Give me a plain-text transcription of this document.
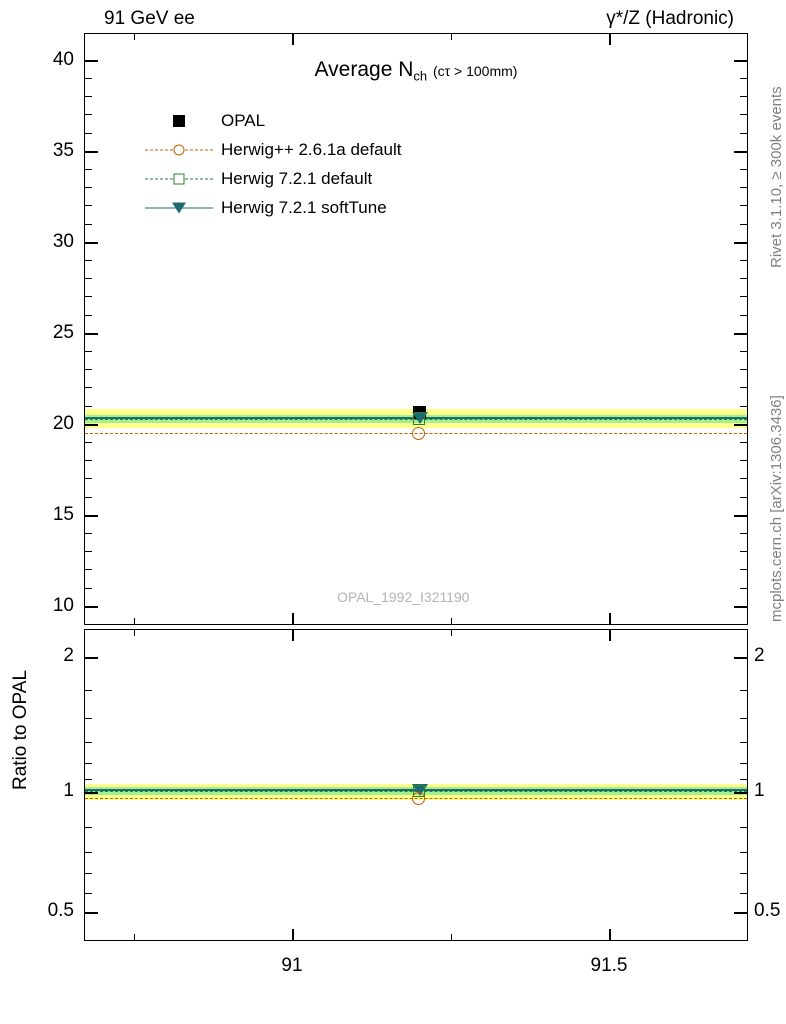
91 GeV ee	γ*/Z (Hadronic)
Average $N_{ch}$ (cτ > 100mm)
OPAL
Herwig++ 2.6.1a default
Herwig 7.2.1 default
Herwig 7.2.1 softTune
OPAL_1992_I321190
40
35
30
25
20
15
10
2
1
0.5
2
1
0.5
Ratio to OPAL
91	91.5
Rivet 3.1.10, ≥ 300k events
mcplots.cern.ch [arXiv:1306.3436]
